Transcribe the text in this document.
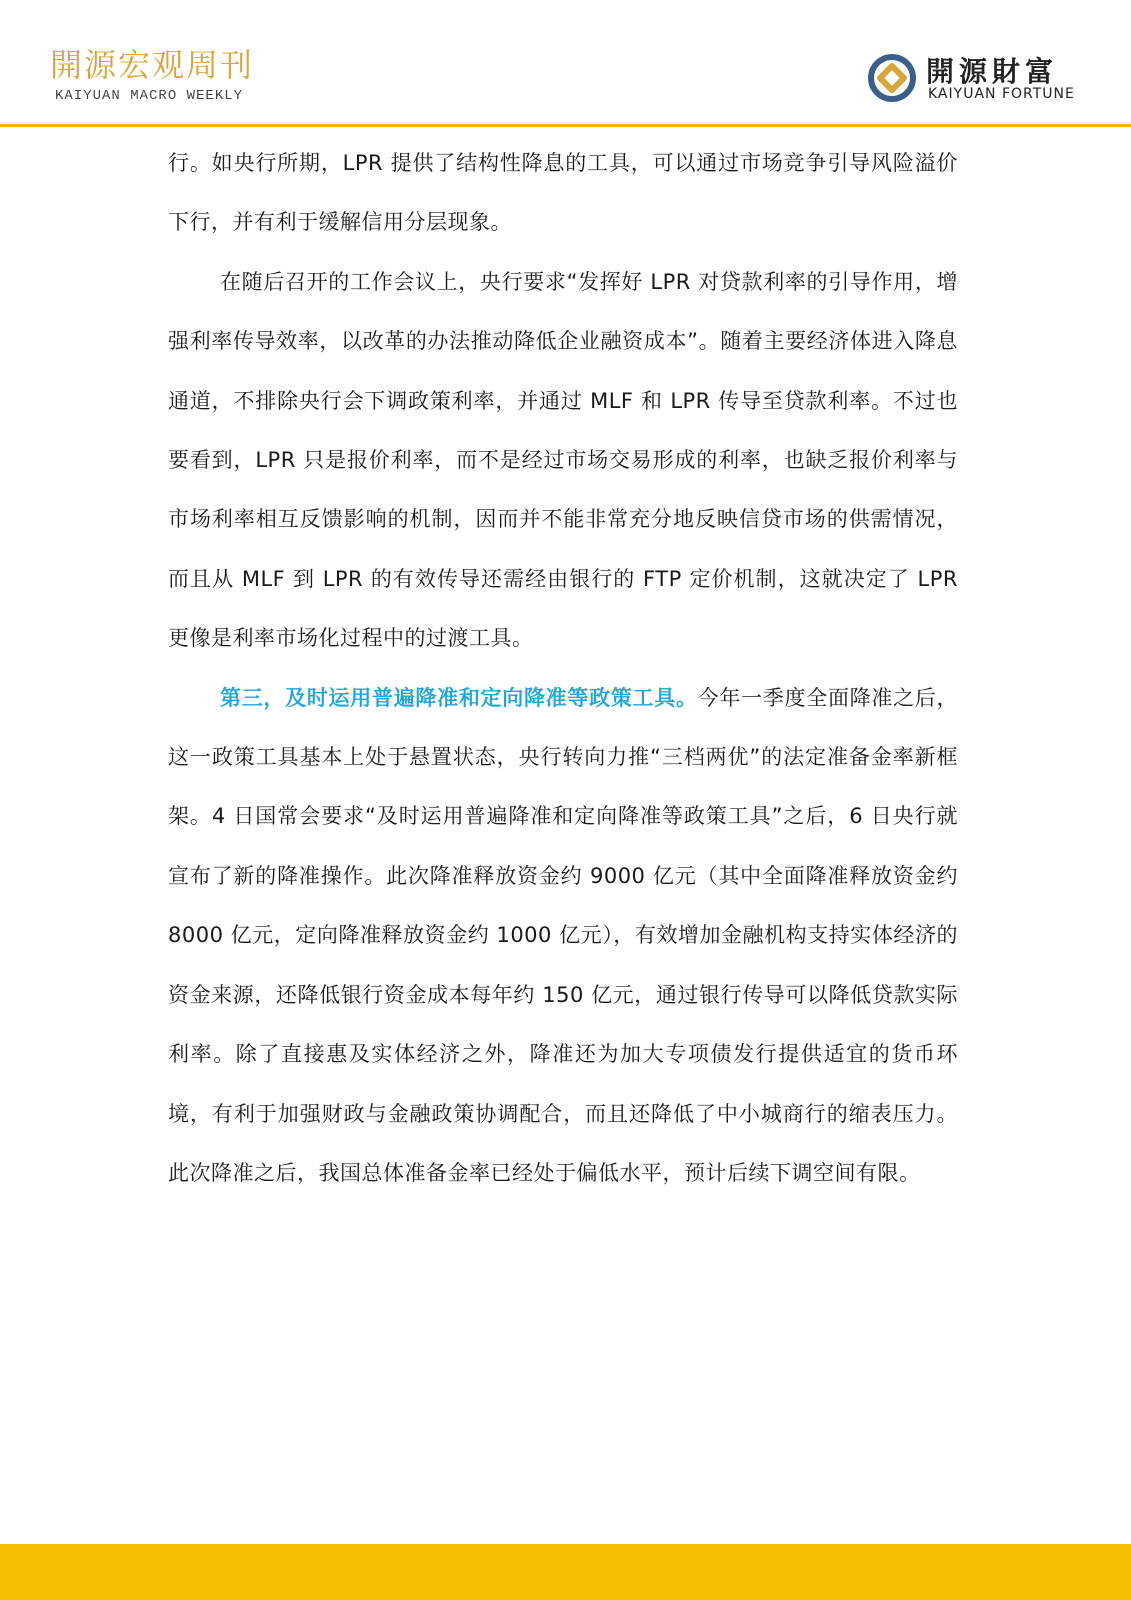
開源宏观周刊
KAIYUAN MACRO WEEKLY
開源財富
KAIYUAN FORTUNE

行。如央行所期，LPR 提供了结构性降息的工具，可以通过市场竞争引导风险溢价下行，并有利于缓解信用分层现象。

在随后召开的工作会议上，央行要求“发挥好 LPR 对贷款利率的引导作用，增强利率传导效率，以改革的办法推动降低企业融资成本”。随着主要经济体进入降息通道，不排除央行会下调政策利率，并通过 MLF 和 LPR 传导至贷款利率。不过也要看到，LPR 只是报价利率，而不是经过市场交易形成的利率，也缺乏报价利率与市场利率相互反馈影响的机制，因而并不能非常充分地反映信贷市场的供需情况，而且从 MLF 到 LPR 的有效传导还需经由银行的 FTP 定价机制，这就决定了 LPR 更像是利率市场化过程中的过渡工具。

第三，及时运用普遍降准和定向降准等政策工具。今年一季度全面降准之后，这一政策工具基本上处于悬置状态，央行转向力推“三档两优”的法定准备金率新框架。4 日国常会要求“及时运用普遍降准和定向降准等政策工具”之后，6 日央行就宣布了新的降准操作。此次降准释放资金约 9000 亿元（其中全面降准释放资金约 8000 亿元，定向降准释放资金约 1000 亿元），有效增加金融机构支持实体经济的资金来源，还降低银行资金成本每年约 150 亿元，通过银行传导可以降低贷款实际利率。除了直接惠及实体经济之外，降准还为加大专项债发行提供适宜的货币环境，有利于加强财政与金融政策协调配合，而且还降低了中小城商行的缩表压力。此次降准之后，我国总体准备金率已经处于偏低水平，预计后续下调空间有限。
